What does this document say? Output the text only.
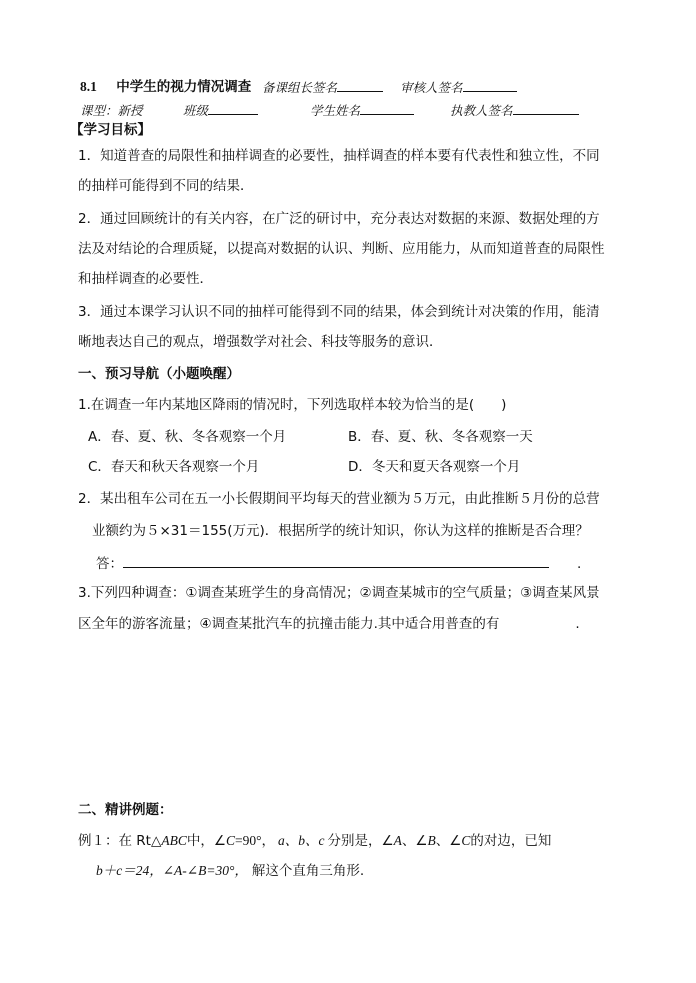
8.1 中学生的视力情况调查 备课组长签名	审核人签名
课型：新授	班级	学生姓名	执教人签名
【学习目标】
1．知道普查的局限性和抽样调查的必要性，抽样调查的样本要有代表性和独立性，不同
的抽样可能得到不同的结果．
2．通过回顾统计的有关内容，在广泛的研讨中，充分表达对数据的来源、数据处理的方
法及对结论的合理质疑，以提高对数据的认识、判断、应用能力，从而知道普查的局限性
和抽样调查的必要性．
3．通过本课学习认识不同的抽样可能得到不同的结果，体会到统计对决策的作用，能清
晰地表达自己的观点，增强数学对社会、科技等服务的意识．
一、预习导航（小题唤醒）
1.在调查一年内某地区降雨的情况时，下列选取样本较为恰当的是(　　)
A．春、夏、秋、冬各观察一个月	B．春、夏、秋、冬各观察一天
C．春天和秋天各观察一个月	D．冬天和夏天各观察一个月
2．某出租车公司在五一小长假期间平均每天的营业额为５万元，由此推断５月份的总营
业额约为５×31＝155(万元)．根据所学的统计知识，你认为这样的推断是否合理？
答：	.
3.下列四种调查：①调查某班学生的身高情况；②调查某城市的空气质量；③调查某风景
区全年的游客流量；④调查某批汽车的抗撞击能力.其中适合用普查的有	.
二、精讲例题：
例１：在 Rt△ABC中，∠C=90°， a、b、c 分别是，∠A、∠B、∠C的对边，已知
b＋c＝24，∠A-∠B=30°， 解这个直角三角形.
